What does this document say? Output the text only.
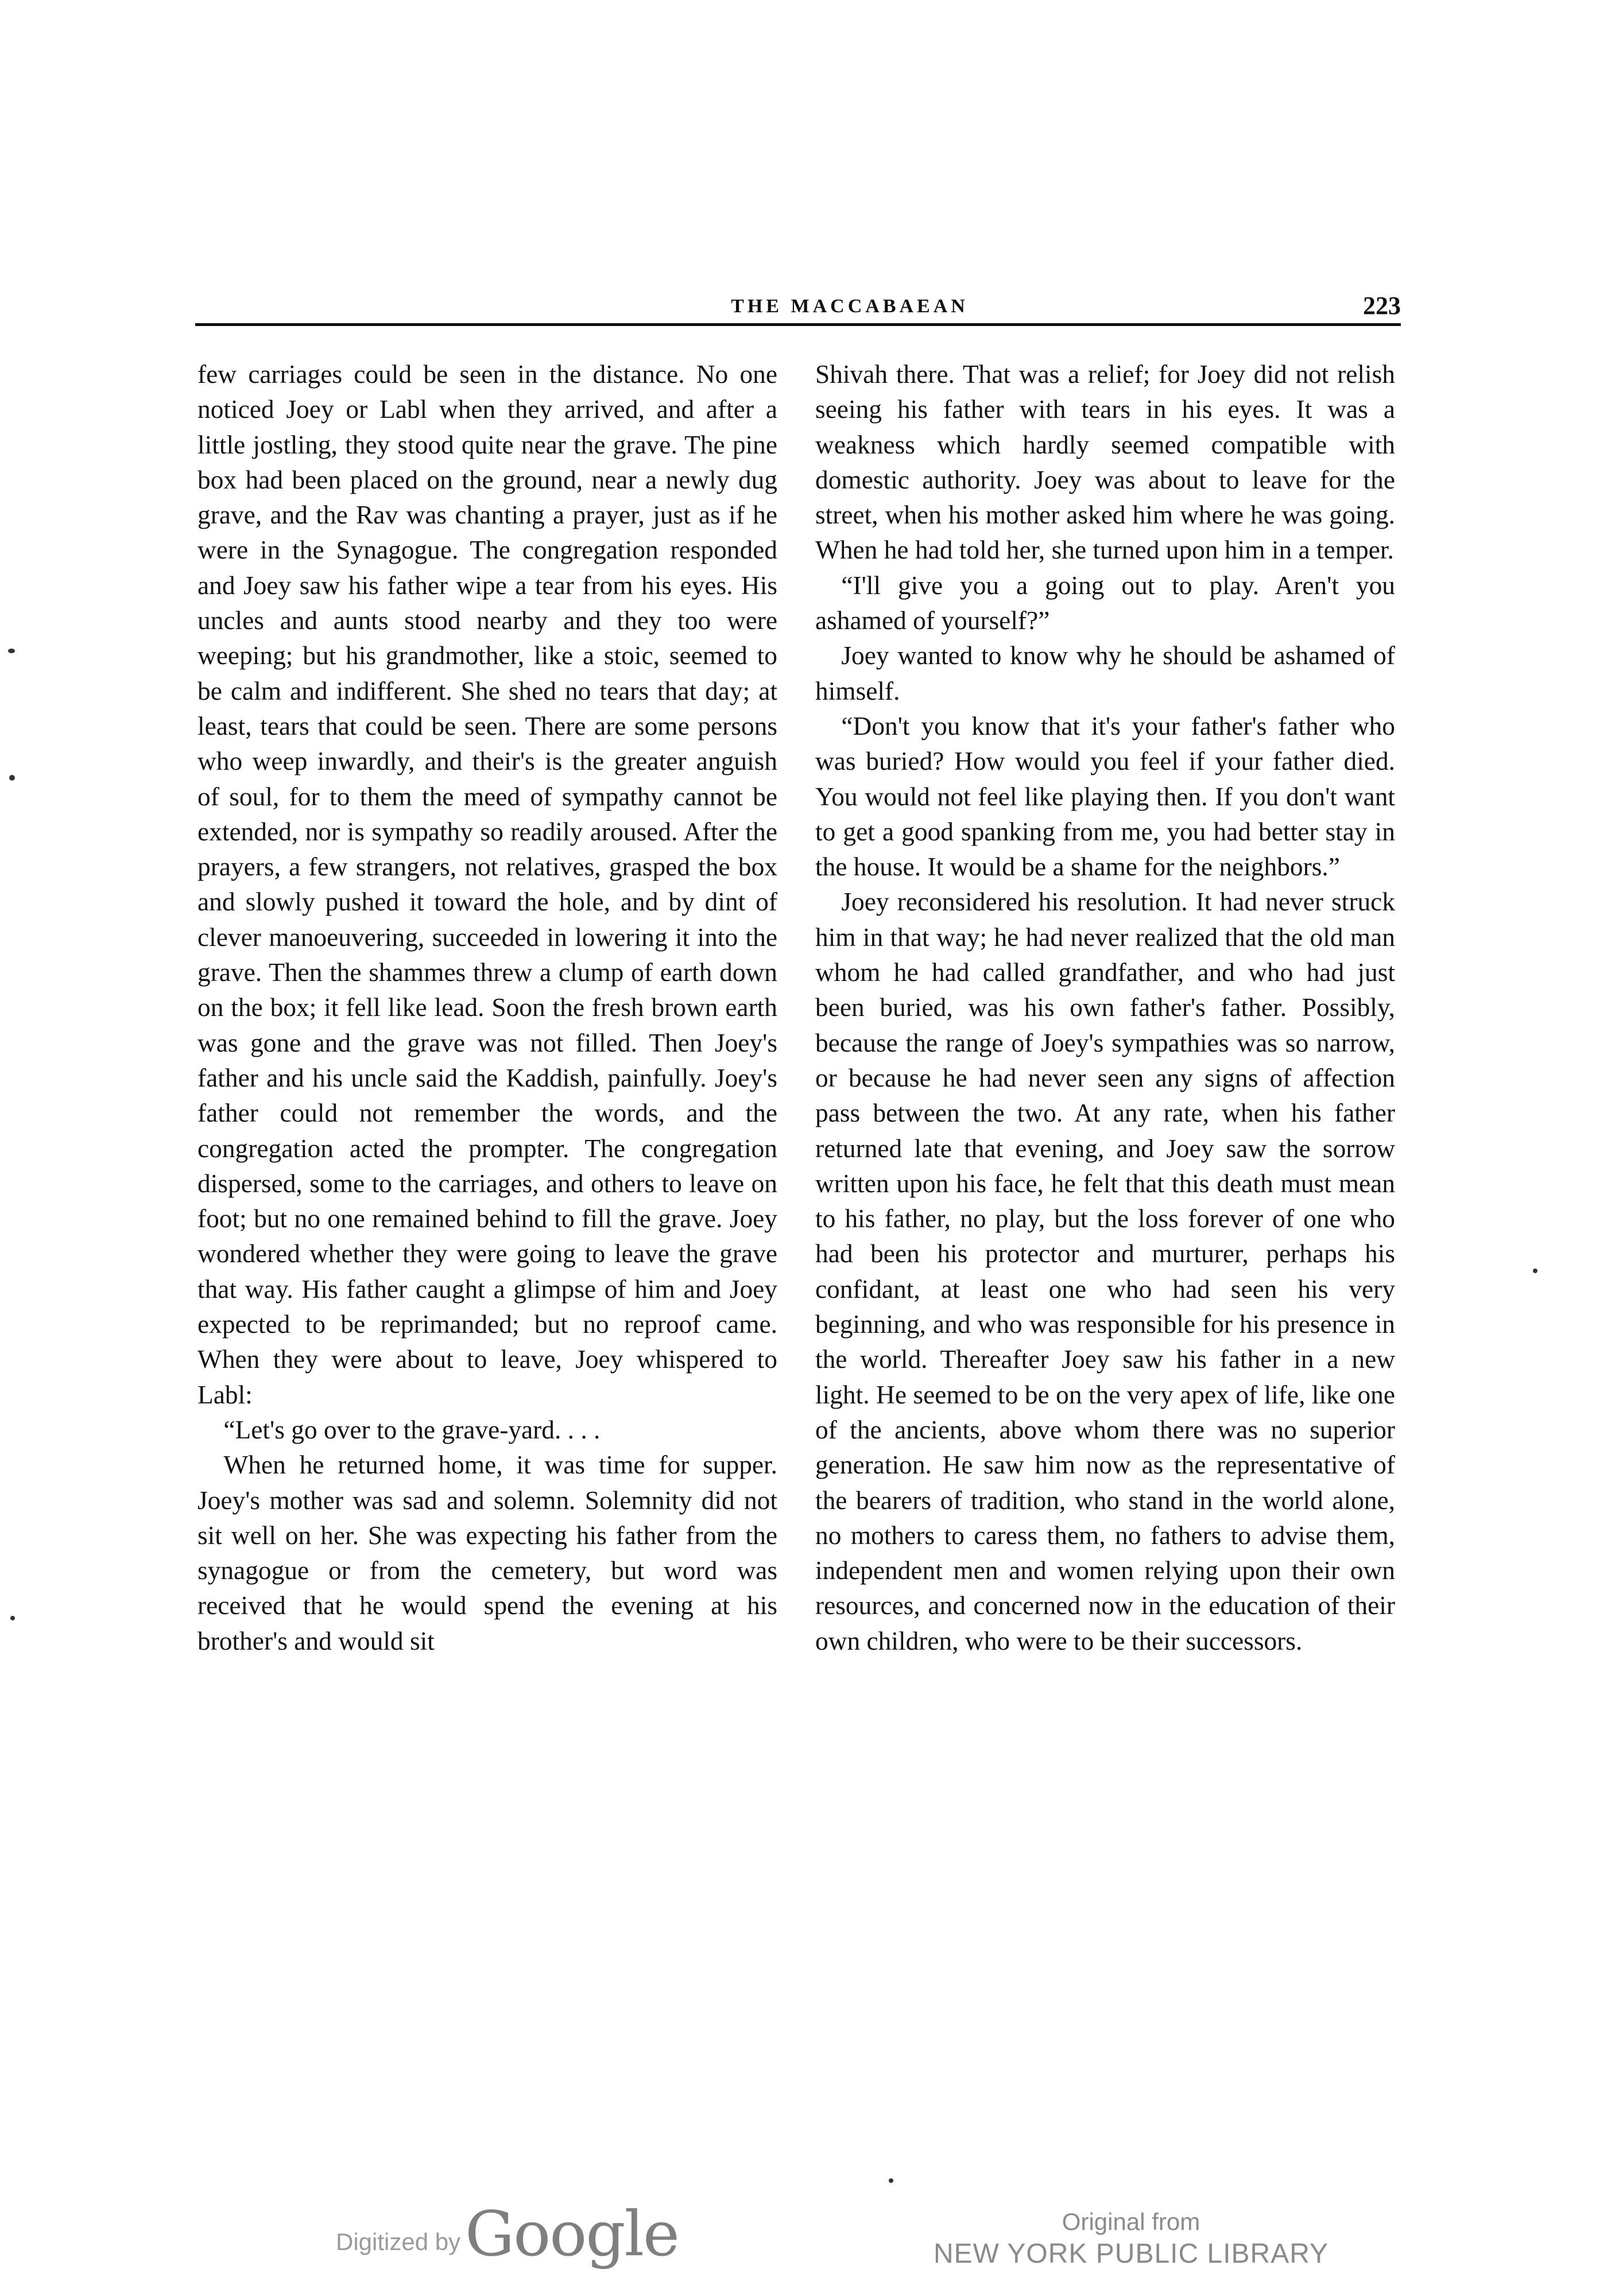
THE MACCABAEAN	223

few carriages could be seen in the distance. No one noticed Joey or Labl when they arrived, and after a little jostling, they stood quite near the grave. The pine box had been placed on the ground, near a newly dug grave, and the Rav was chanting a prayer, just as if he were in the Synagogue. The congregation responded and Joey saw his father wipe a tear from his eyes. His uncles and aunts stood nearby and they too were weeping; but his grandmother, like a stoic, seemed to be calm and indifferent. She shed no tears that day; at least, tears that could be seen. There are some persons who weep inwardly, and their's is the greater anguish of soul, for to them the meed of sympathy cannot be extended, nor is sympathy so readily aroused. After the prayers, a few strangers, not relatives, grasped the box and slowly pushed it toward the hole, and by dint of clever manoeuvering, succeeded in lowering it into the grave. Then the shammes threw a clump of earth down on the box; it fell like lead. Soon the fresh brown earth was gone and the grave was not filled. Then Joey's father and his uncle said the Kaddish, painfully. Joey's father could not remember the words, and the congregation acted the prompter. The congregation dispersed, some to the carriages, and others to leave on foot; but no one remained behind to fill the grave. Joey wondered whether they were going to leave the grave that way. His father caught a glimpse of him and Joey expected to be reprimanded; but no reproof came. When they were about to leave, Joey whispered to Labl:

“Let's go over to the grave-yard. . . .

When he returned home, it was time for supper. Joey's mother was sad and solemn. Solemnity did not sit well on her. She was expecting his father from the synagogue or from the cemetery, but word was received that he would spend the evening at his brother's and would sit

Shivah there. That was a relief; for Joey did not relish seeing his father with tears in his eyes. It was a weakness which hardly seemed compatible with domestic authority. Joey was about to leave for the street, when his mother asked him where he was going. When he had told her, she turned upon him in a temper.

“I'll give you a going out to play. Aren't you ashamed of yourself?”

Joey wanted to know why he should be ashamed of himself.

“Don't you know that it's your father's father who was buried? How would you feel if your father died. You would not feel like playing then. If you don't want to get a good spanking from me, you had better stay in the house. It would be a shame for the neighbors.”

Joey reconsidered his resolution. It had never struck him in that way; he had never realized that the old man whom he had called grandfather, and who had just been buried, was his own father's father. Possibly, because the range of Joey's sympathies was so narrow, or because he had never seen any signs of affection pass between the two. At any rate, when his father returned late that evening, and Joey saw the sorrow written upon his face, he felt that this death must mean to his father, no play, but the loss forever of one who had been his protector and murturer, perhaps his confidant, at least one who had seen his very beginning, and who was responsible for his presence in the world. Thereafter Joey saw his father in a new light. He seemed to be on the very apex of life, like one of the ancients, above whom there was no superior generation. He saw him now as the representative of the bearers of tradition, who stand in the world alone, no mothers to caress them, no fathers to advise them, independent men and women relying upon their own resources, and concerned now in the education of their own children, who were to be their successors.

Digitized by Google	Original from
NEW YORK PUBLIC LIBRARY
